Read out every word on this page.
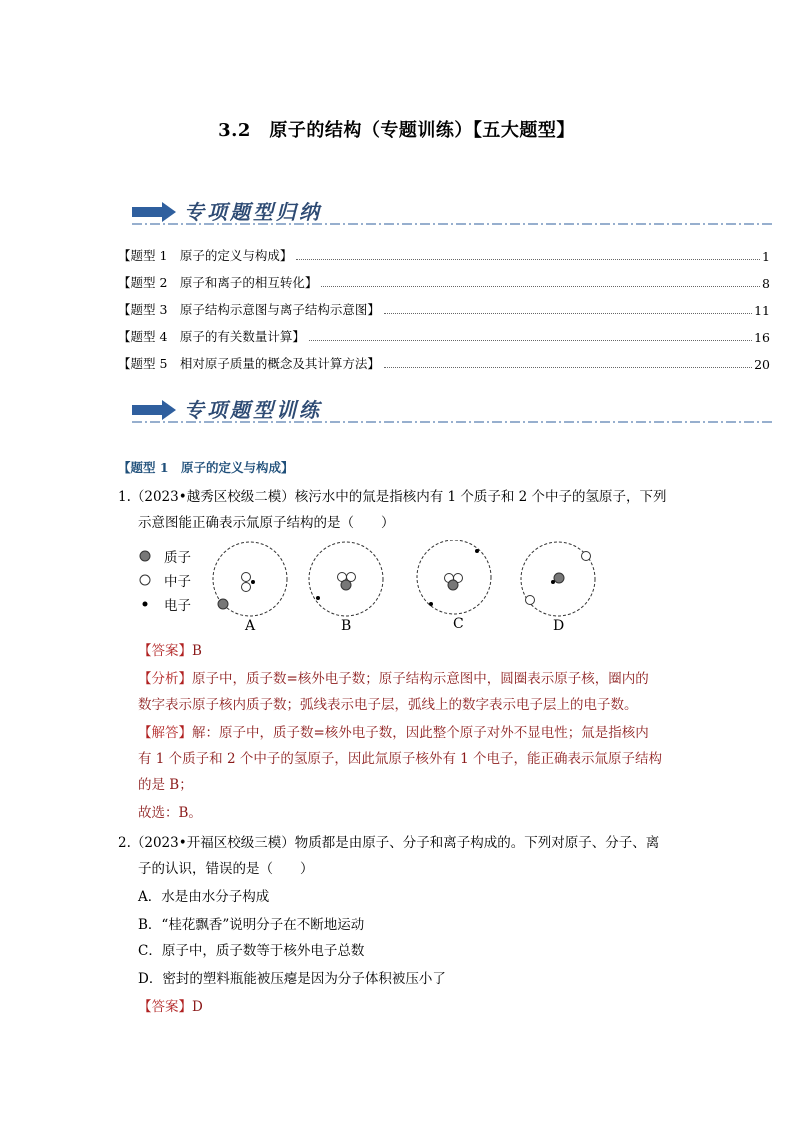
3.2　原子的结构（专题训练）【五大题型】
专项题型归纳
【题型 1　原子的定义与构成】	1
【题型 2　原子和离子的相互转化】	8
【题型 3　原子结构示意图与离子结构示意图】	11
【题型 4　原子的有关数量计算】	16
【题型 5　相对原子质量的概念及其计算方法】	20
专项题型训练
【题型 1　原子的定义与构成】
1.（2023•越秀区校级二模）核污水中的氚是指核内有 1 个质子和 2 个中子的氢原子，下列
示意图能正确表示氚原子结构的是（　　）
质子
中子
电子
A	B	C	D
【答案】B
【分析】原子中，质子数=核外电子数；原子结构示意图中，圆圈表示原子核，圈内的
数字表示原子核内质子数；弧线表示电子层，弧线上的数字表示电子层上的电子数。
【解答】解：原子中，质子数=核外电子数，因此整个原子对外不显电性；氚是指核内
有 1 个质子和 2 个中子的氢原子，因此氚原子核外有 1 个电子，能正确表示氚原子结构
的是 B；
故选：B。
2.（2023•开福区校级三模）物质都是由原子、分子和离子构成的。下列对原子、分子、离
子的认识，错误的是（　　）
A．水是由水分子构成
B．“桂花飘香”说明分子在不断地运动
C．原子中，质子数等于核外电子总数
D．密封的塑料瓶能被压瘪是因为分子体积被压小了
【答案】D
